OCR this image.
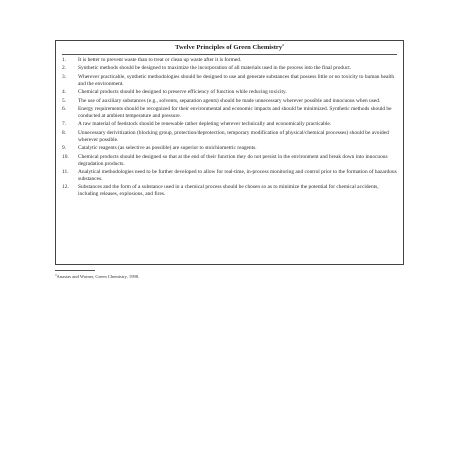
Twelve Principles of Green Chemistry$^a$
1.	It is better to prevent waste than to treat or clean up waste after it is formed.
2.	Synthetic methods should be designed to maximize the incorporation of all materials used in the process into the final product.
3.	Wherever practicable, synthetic methodologies should be designed to use and generate substances that possess little or no toxicity to human health and the environment.
4.	Chemical products should be designed to preserve efficiency of function while reducing toxicity.
5.	The use of auxiliary substances (e.g., solvents, separation agents) should be made unnecessary wherever possible and innocuous when used.
6.	Energy requirements should be recognized for their environmental and economic impacts and should be minimized. Synthetic methods should be conducted at ambient temperature and pressure.
7.	A raw material of feedstock should be renewable rather depleting wherever technically and economically practicable.
8.	Unnecessary derivitization (blocking group, protection/deprotection, temporary modification of physical/chemical processes) should be avoided wherever possible.
9.	Catalytic reagents (as selective as possible) are superior to stoichiometric reagents.
10.	Chemical products should be designed so that at the end of their function they do not persist in the environment and break down into innocuous degradation products.
11.	Analytical methodologies need to be further developed to allow for real-time, in-process monitoring and control prior to the formation of hazardous substances.
12.	Substances and the form of a substance used in a chemical process should be chosen so as to minimize the potential for chemical accidents, including releases, explosions, and fires.
$^a$Anastas and Warner, Green Chemistry, 1998.
